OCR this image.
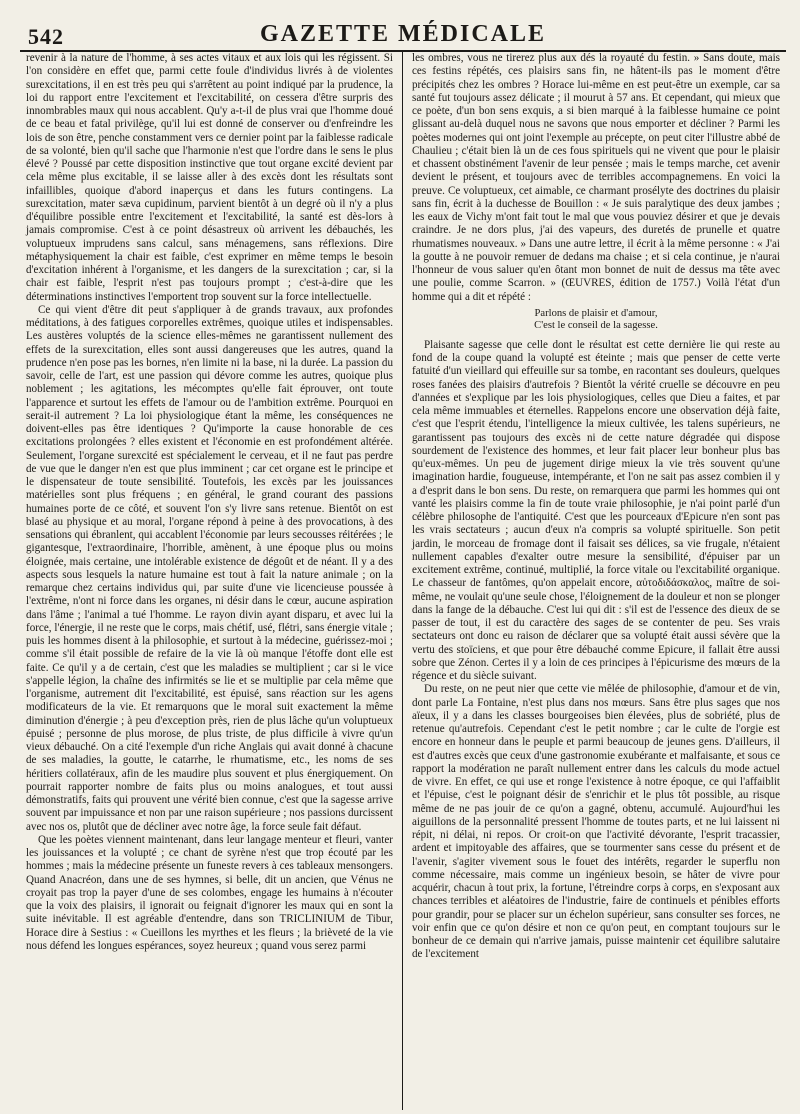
542	GAZETTE MÉDICALE

revenir à la nature de l'homme, à ses actes vitaux et aux lois qui les régissent. Si l'on considère en effet que, parmi cette foule d'individus livrés à de violentes surexcitations, il en est très peu qui s'arrêtent au point indiqué par la prudence, la loi du rapport entre l'excitement et l'excitabilité, on cessera d'être surpris des innombrables maux qui nous accablent. Qu'y a-t-il de plus vrai que l'homme doué de ce beau et fatal privilège, qu'il lui est donné de conserver ou d'enfreindre les lois de son être, penche constamment vers ce dernier point par la faiblesse radicale de sa volonté, bien qu'il sache que l'harmonie n'est que l'ordre dans le sens le plus élevé ? Poussé par cette disposition instinctive que tout organe excité devient par cela même plus excitable, il se laisse aller à des excès dont les résultats sont infaillibles, quoique d'abord inaperçus et dans les futurs contingens. La surexcitation, mater sæva cupidinum, parvient bientôt à un degré où il n'y a plus d'équilibre possible entre l'excitement et l'excitabilité, la santé est dès-lors à jamais compromise. C'est à ce point désastreux où arrivent les débauchés, les voluptueux imprudens sans calcul, sans ménagemens, sans réflexions. Dire métaphysiquement la chair est faible, c'est exprimer en même temps le besoin d'excitation inhérent à l'organisme, et les dangers de la surexcitation ; car, si la chair est faible, l'esprit n'est pas toujours prompt ; c'est-à-dire que les déterminations instinctives l'emportent trop souvent sur la force intellectuelle.

Ce qui vient d'être dit peut s'appliquer à de grands travaux, aux profondes méditations, à des fatigues corporelles extrêmes, quoique utiles et indispensables. Les austères voluptés de la science elles-mêmes ne garantissent nullement des effets de la surexcitation, elles sont aussi dangereuses que les autres, quand la prudence n'en pose pas les bornes, n'en limite ni la base, ni la durée. La passion du savoir, celle de l'art, est une passion qui dévore comme les autres, quoique plus noblement ; les agitations, les mécomptes qu'elle fait éprouver, ont toute l'apparence et surtout les effets de l'amour ou de l'ambition extrême. Pourquoi en serait-il autrement ? La loi physiologique étant la même, les conséquences ne doivent-elles pas être identiques ? Qu'importe la cause honorable de ces excitations prolongées ? elles existent et l'économie en est profondément altérée. Seulement, l'organe surexcité est spécialement le cerveau, et il ne faut pas perdre de vue que le danger n'en est que plus imminent ; car cet organe est le principe et le dispensateur de toute sensibilité. Toutefois, les excès par les jouissances matérielles sont plus fréquens ; en général, le grand courant des passions humaines porte de ce côté, et souvent l'on s'y livre sans retenue. Bientôt on est blasé au physique et au moral, l'organe répond à peine à des provocations, à des sensations qui ébranlent, qui accablent l'économie par leurs secousses réitérées ; le gigantesque, l'extraordinaire, l'horrible, amènent, à une époque plus ou moins éloignée, mais certaine, une intolérable existence de dégoût et de néant. Il y a des aspects sous lesquels la nature humaine est tout à fait la nature animale ; on la remarque chez certains individus qui, par suite d'une vie licencieuse poussée à l'extrême, n'ont ni force dans les organes, ni désir dans le cœur, aucune aspiration dans l'âme ; l'animal a tué l'homme. Le rayon divin ayant disparu, et avec lui la force, l'énergie, il ne reste que le corps, mais chétif, usé, flétri, sans énergie vitale ; puis les hommes disent à la philosophie, et surtout à la médecine, guérissez-moi ; comme s'il était possible de refaire de la vie là où manque l'étoffe dont elle est faite. Ce qu'il y a de certain, c'est que les maladies se multiplient ; car si le vice s'appelle légion, la chaîne des infirmités se lie et se multiplie par cela même que l'organisme, autrement dit l'excitabilité, est épuisé, sans réaction sur les agens modificateurs de la vie. Et remarquons que le moral suit exactement la même diminution d'énergie ; à peu d'exception près, rien de plus lâche qu'un voluptueux épuisé ; personne de plus morose, de plus triste, de plus difficile à vivre qu'un vieux débauché. On a cité l'exemple d'un riche Anglais qui avait donné à chacune de ses maladies, la goutte, le catarrhe, le rhumatisme, etc., les noms de ses héritiers collatéraux, afin de les maudire plus souvent et plus énergiquement. On pourrait rapporter nombre de faits plus ou moins analogues, et tout aussi démonstratifs, faits qui prouvent une vérité bien connue, c'est que la sagesse arrive souvent par impuissance et non par une raison supérieure ; nos passions durcissent avec nos os, plutôt que de décliner avec notre âge, la force seule fait défaut.

Que les poètes viennent maintenant, dans leur langage menteur et fleuri, vanter les jouissances et la volupté ; ce chant de syrène n'est que trop écouté par les hommes ; mais la médecine présente un funeste revers à ces tableaux mensongers. Quand Anacréon, dans une de ses hymnes, si belle, dit un ancien, que Vénus ne croyait pas trop la payer d'une de ses colombes, engage les humains à n'écouter que la voix des plaisirs, il ignorait ou feignait d'ignorer les maux qui en sont la suite inévitable. Il est agréable d'entendre, dans son TRICLINIUM de Tibur, Horace dire à Sestius : « Cueillons les myrthes et les fleurs ; la brièveté de la vie nous défend les longues espérances, soyez heureux ; quand vous serez parmi

les ombres, vous ne tirerez plus aux dés la royauté du festin. » Sans doute, mais ces festins répétés, ces plaisirs sans fin, ne hâtent-ils pas le moment d'être précipités chez les ombres ? Horace lui-même en est peut-être un exemple, car sa santé fut toujours assez délicate ; il mourut à 57 ans. Et cependant, qui mieux que ce poète, d'un bon sens exquis, a si bien marqué à la faiblesse humaine ce point glissant au-delà duquel nous ne savons que nous emporter et décliner ? Parmi les poètes modernes qui ont joint l'exemple au précepte, on peut citer l'illustre abbé de Chaulieu ; c'était bien là un de ces fous spirituels qui ne vivent que pour le plaisir et chassent obstinément l'avenir de leur pensée ; mais le temps marche, cet avenir devient le présent, et toujours avec de terribles accompagnemens. En voici la preuve. Ce voluptueux, cet aimable, ce charmant prosélyte des doctrines du plaisir sans fin, écrit à la duchesse de Bouillon : « Je suis paralytique des deux jambes ; les eaux de Vichy m'ont fait tout le mal que vous pouviez désirer et que je devais craindre. Je ne dors plus, j'ai des vapeurs, des duretés de prunelle et quatre rhumatismes nouveaux. » Dans une autre lettre, il écrit à la même personne : « J'ai la goutte à ne pouvoir remuer de dedans ma chaise ; et si cela continue, je n'aurai l'honneur de vous saluer qu'en ôtant mon bonnet de nuit de dessus ma tête avec une poulie, comme Scarron. » (ŒUVRES, édition de 1757.) Voilà l'état d'un homme qui a dit et répété :

Parlons de plaisir et d'amour,
C'est le conseil de la sagesse.

Plaisante sagesse que celle dont le résultat est cette dernière lie qui reste au fond de la coupe quand la volupté est éteinte ; mais que penser de cette verte fatuité d'un vieillard qui effeuille sur sa tombe, en racontant ses douleurs, quelques roses fanées des plaisirs d'autrefois ? Bientôt la vérité cruelle se découvre en peu d'années et s'explique par les lois physiologiques, celles que Dieu a faites, et par cela même immuables et éternelles. Rappelons encore une observation déjà faite, c'est que l'esprit étendu, l'intelligence la mieux cultivée, les talens supérieurs, ne garantissent pas toujours des excès ni de cette nature dégradée qui dispose sourdement de l'existence des hommes, et leur fait placer leur bonheur plus bas qu'eux-mêmes. Un peu de jugement dirige mieux la vie très souvent qu'une imagination hardie, fougueuse, intempérante, et l'on ne sait pas assez combien il y a d'esprit dans le bon sens. Du reste, on remarquera que parmi les hommes qui ont vanté les plaisirs comme la fin de toute vraie philosophie, je n'ai point parlé d'un célèbre philosophe de l'antiquité. C'est que les pourceaux d'Epicure n'en sont pas les vrais sectateurs ; aucun d'eux n'a compris sa volupté spirituelle. Son petit jardin, le morceau de fromage dont il faisait ses délices, sa vie frugale, n'étaient nullement capables d'exalter outre mesure la sensibilité, d'épuiser par un excitement extrême, continué, multiplié, la force vitale ou l'excitabilité organique. Le chasseur de fantômes, qu'on appelait encore, αὐτοδιδάσκαλος, maître de soi-même, ne voulait qu'une seule chose, l'éloignement de la douleur et non se plonger dans la fange de la débauche. C'est lui qui dit : s'il est de l'essence des dieux de se passer de tout, il est du caractère des sages de se contenter de peu. Ses vrais sectateurs ont donc eu raison de déclarer que sa volupté était aussi sévère que la vertu des stoïciens, et que pour être débauché comme Epicure, il fallait être aussi sobre que Zénon. Certes il y a loin de ces principes à l'épicurisme des mœurs de la régence et du siècle suivant.

Du reste, on ne peut nier que cette vie mêlée de philosophie, d'amour et de vin, dont parle La Fontaine, n'est plus dans nos mœurs. Sans être plus sages que nos aïeux, il y a dans les classes bourgeoises bien élevées, plus de sobriété, plus de retenue qu'autrefois. Cependant c'est le petit nombre ; car le culte de l'orgie est encore en honneur dans le peuple et parmi beaucoup de jeunes gens. D'ailleurs, il est d'autres excès que ceux d'une gastronomie exubérante et malfaisante, et sous ce rapport la modération ne paraît nullement entrer dans les calculs du mode actuel de vivre. En effet, ce qui use et ronge l'existence à notre époque, ce qui l'affaiblit et l'épuise, c'est le poignant désir de s'enrichir et le plus tôt possible, au risque même de ne pas jouir de ce qu'on a gagné, obtenu, accumulé. Aujourd'hui les aiguillons de la personnalité pressent l'homme de toutes parts, et ne lui laissent ni répit, ni délai, ni repos. Or croit-on que l'activité dévorante, l'esprit tracassier, ardent et impitoyable des affaires, que se tourmenter sans cesse du présent et de l'avenir, s'agiter vivement sous le fouet des intérêts, regarder le superflu non comme nécessaire, mais comme un ingénieux besoin, se hâter de vivre pour acquérir, chacun à tout prix, la fortune, l'étreindre corps à corps, en s'exposant aux chances terribles et aléatoires de l'industrie, faire de continuels et pénibles efforts pour grandir, pour se placer sur un échelon supérieur, sans consulter ses forces, ne voir enfin que ce qu'on désire et non ce qu'on peut, en comptant toujours sur le bonheur de ce demain qui n'arrive jamais, puisse maintenir cet équilibre salutaire de l'excitement
